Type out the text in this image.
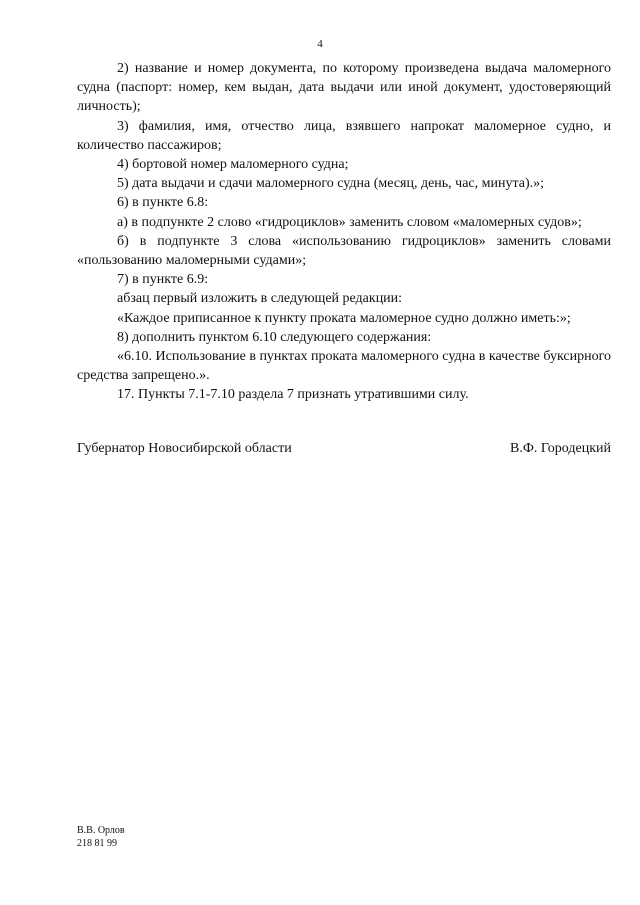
4

2) название и номер документа, по которому произведена выдача маломерного судна (паспорт: номер, кем выдан, дата выдачи или иной документ, удостоверяющий личность);

3) фамилия, имя, отчество лица, взявшего напрокат маломерное судно, и количество пассажиров;

4) бортовой номер маломерного судна;

5) дата выдачи и сдачи маломерного судна (месяц, день, час, минута).»;

6) в пункте 6.8:

а) в подпункте 2 слово «гидроциклов» заменить словом «маломерных судов»;

б) в подпункте 3 слова «использованию гидроциклов» заменить словами «пользованию маломерными судами»;

7) в пункте 6.9:

абзац первый изложить в следующей редакции:

«Каждое приписанное к пункту проката маломерное судно должно иметь:»;

8) дополнить пунктом 6.10 следующего содержания:

«6.10. Использование в пунктах проката маломерного судна в качестве буксирного средства запрещено.».

17. Пункты 7.1-7.10 раздела 7 признать утратившими силу.

Губернатор Новосибирской области	В.Ф. Городецкий
В.В. Орлов
218 81 99
